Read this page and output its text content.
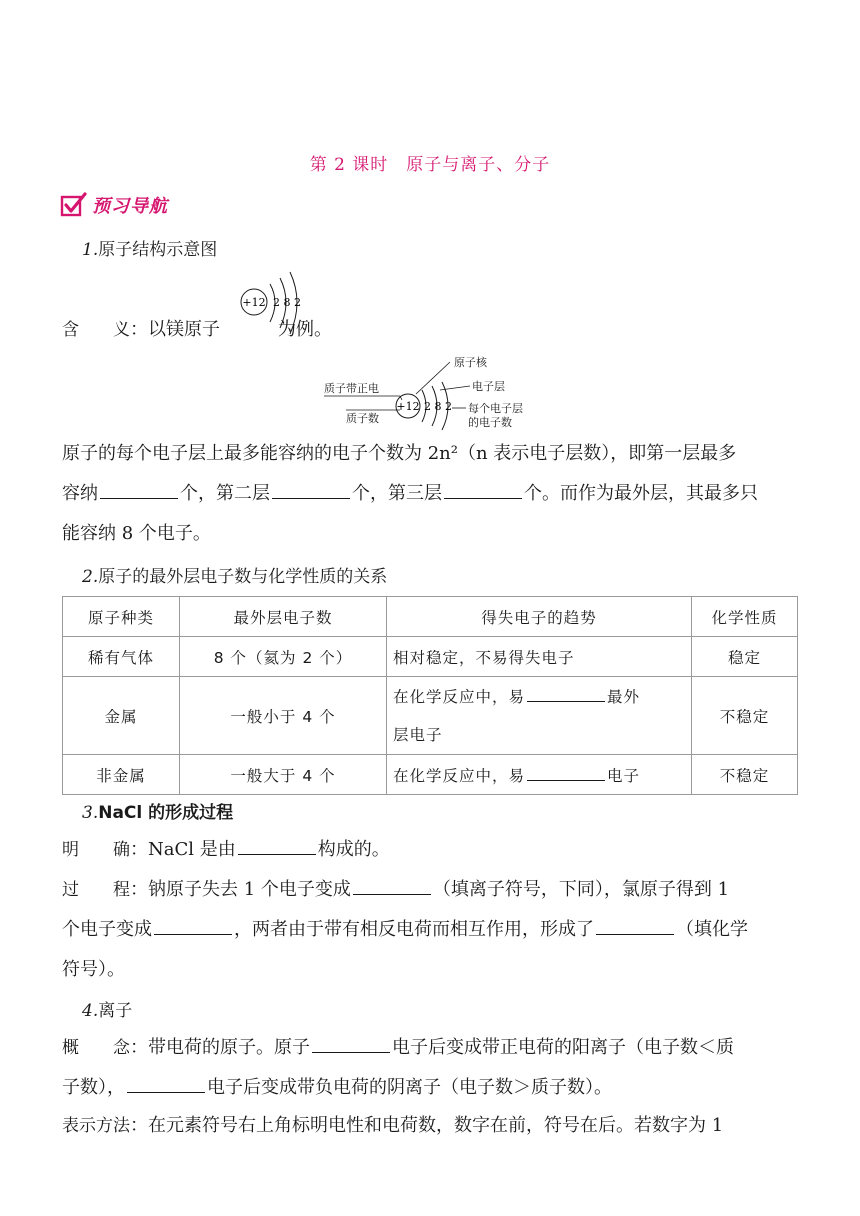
第 2 课时　原子与离子、分子
预习导航
1.原子结构示意图
+12 2 8 2
含　　义：以镁原子	为例。
原子核
电子层
质子带正电
质子数
每个电子层
的电子数
+12 2 8 2
原子的每个电子层上最多能容纳的电子个数为 2n²（n 表示电子层数），即第一层最多
容纳	个，第二层	个，第三层	个。而作为最外层，其最多只
能容纳 8 个电子。
2.原子的最外层电子数与化学性质的关系
原子种类	最外层电子数	得失电子的趋势	化学性质
稀有气体	8 个（氦为 2 个）	相对稳定，不易得失电子	稳定
金属	一般小于 4 个	在化学反应中，易 最外
层电子	不稳定
非金属	一般大于 4 个	在化学反应中，易 电子	不稳定
3.NaCl 的形成过程
明　　确：NaCl 是由	构成的。
过　　程：钠原子失去 1 个电子变成	（填离子符号，下同），氯原子得到 1
个电子变成	，两者由于带有相反电荷而相互作用，形成了	（填化学
符号）。
4.离子
概　　念：带电荷的原子。原子	电子后变成带正电荷的阳离子（电子数＜质
子数），	电子后变成带负电荷的阴离子（电子数＞质子数）。
表示方法：在元素符号右上角标明电性和电荷数，数字在前，符号在后。若数字为 1
